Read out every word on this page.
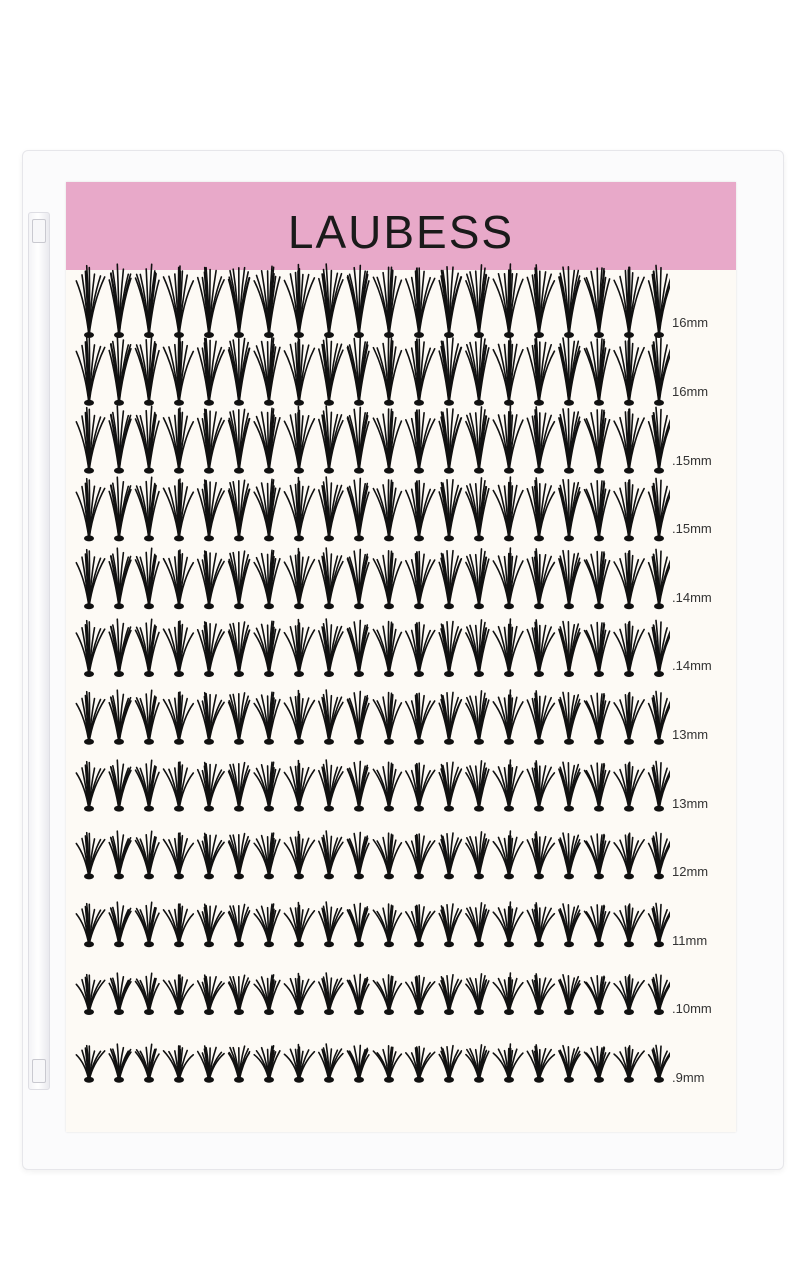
LAUBESS
16mm
16mm
.15mm
.15mm
.14mm
.14mm
13mm
13mm
12mm
11mm
.10mm
.9mm
